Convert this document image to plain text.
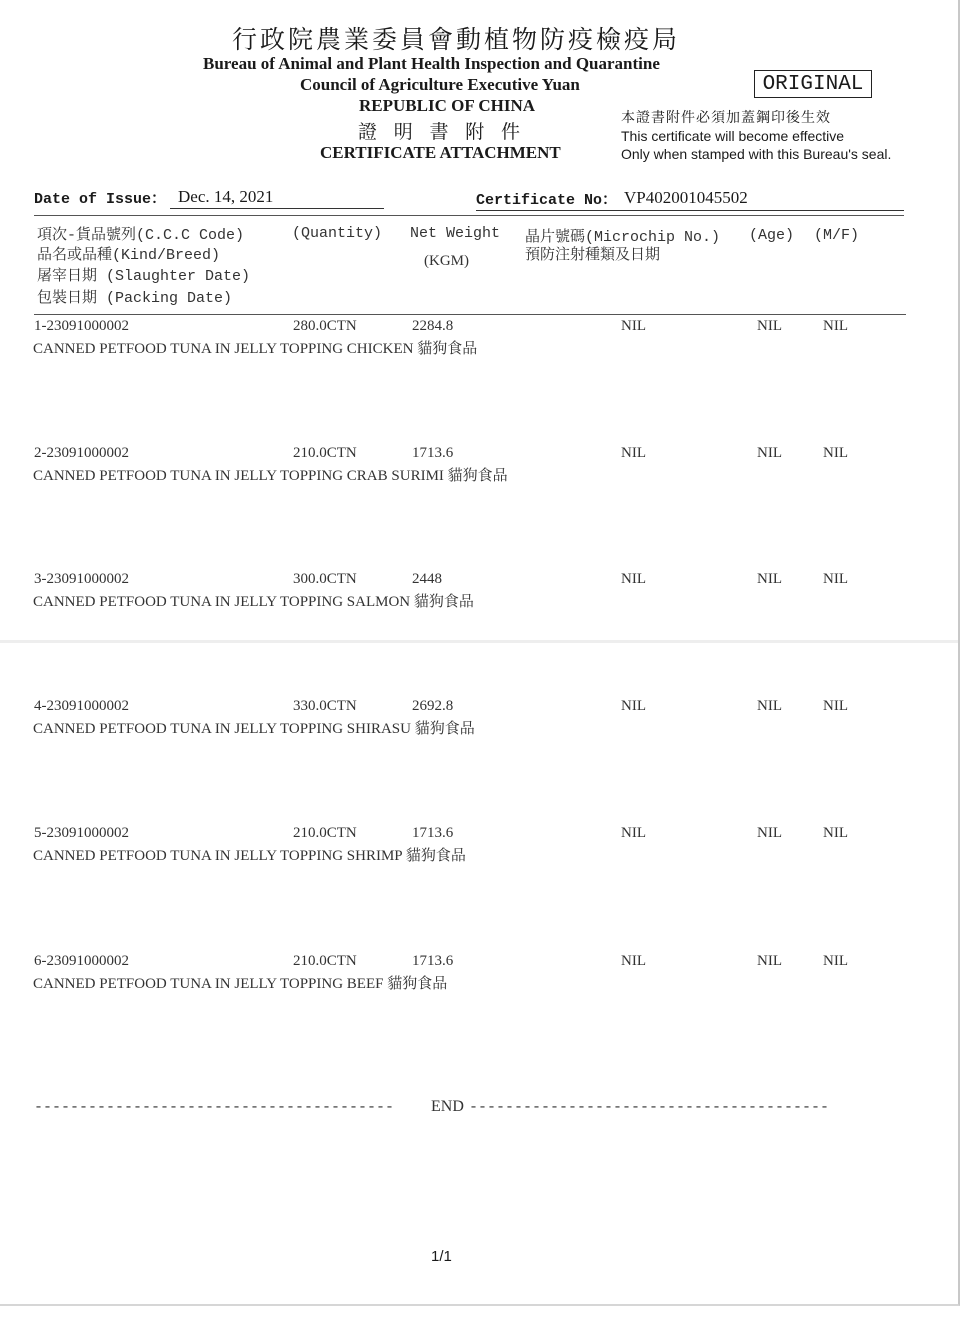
行政院農業委員會動植物防疫檢疫局
Bureau of Animal and Plant Health Inspection and Quarantine
Council of Agriculture Executive Yuan
REPUBLIC OF CHINA
證 明 書 附 件
CERTIFICATE ATTACHMENT
ORIGINAL
本證書附件必須加蓋鋼印後生效
This certificate will become effective
Only when stamped with this Bureau's seal.
Date of Issue： Dec. 14, 2021	Certificate No： VP402001045502
項次-貨品號列(C.C.C Code)
品名或品種(Kind/Breed)
屠宰日期 (Slaughter Date)
包裝日期 (Packing Date)
(Quantity) Net Weight
(KGM)
晶片號碼(Microchip No.)
預防注射種類及日期
(Age) (M/F)
1-23091000002	280.0CTN	2284.8	NIL	NIL	NIL
CANNED PETFOOD TUNA IN JELLY TOPPING CHICKEN 貓狗食品
2-23091000002	210.0CTN	1713.6	NIL	NIL	NIL
CANNED PETFOOD TUNA IN JELLY TOPPING CRAB SURIMI 貓狗食品
3-23091000002	300.0CTN	2448	NIL	NIL	NIL
CANNED PETFOOD TUNA IN JELLY TOPPING SALMON 貓狗食品
4-23091000002	330.0CTN	2692.8	NIL	NIL	NIL
CANNED PETFOOD TUNA IN JELLY TOPPING SHIRASU 貓狗食品
5-23091000002	210.0CTN	1713.6	NIL	NIL	NIL
CANNED PETFOOD TUNA IN JELLY TOPPING SHRIMP 貓狗食品
6-23091000002	210.0CTN	1713.6	NIL	NIL	NIL
CANNED PETFOOD TUNA IN JELLY TOPPING BEEF 貓狗食品
---------------------------------------- END ----------------------------------------
1/1
